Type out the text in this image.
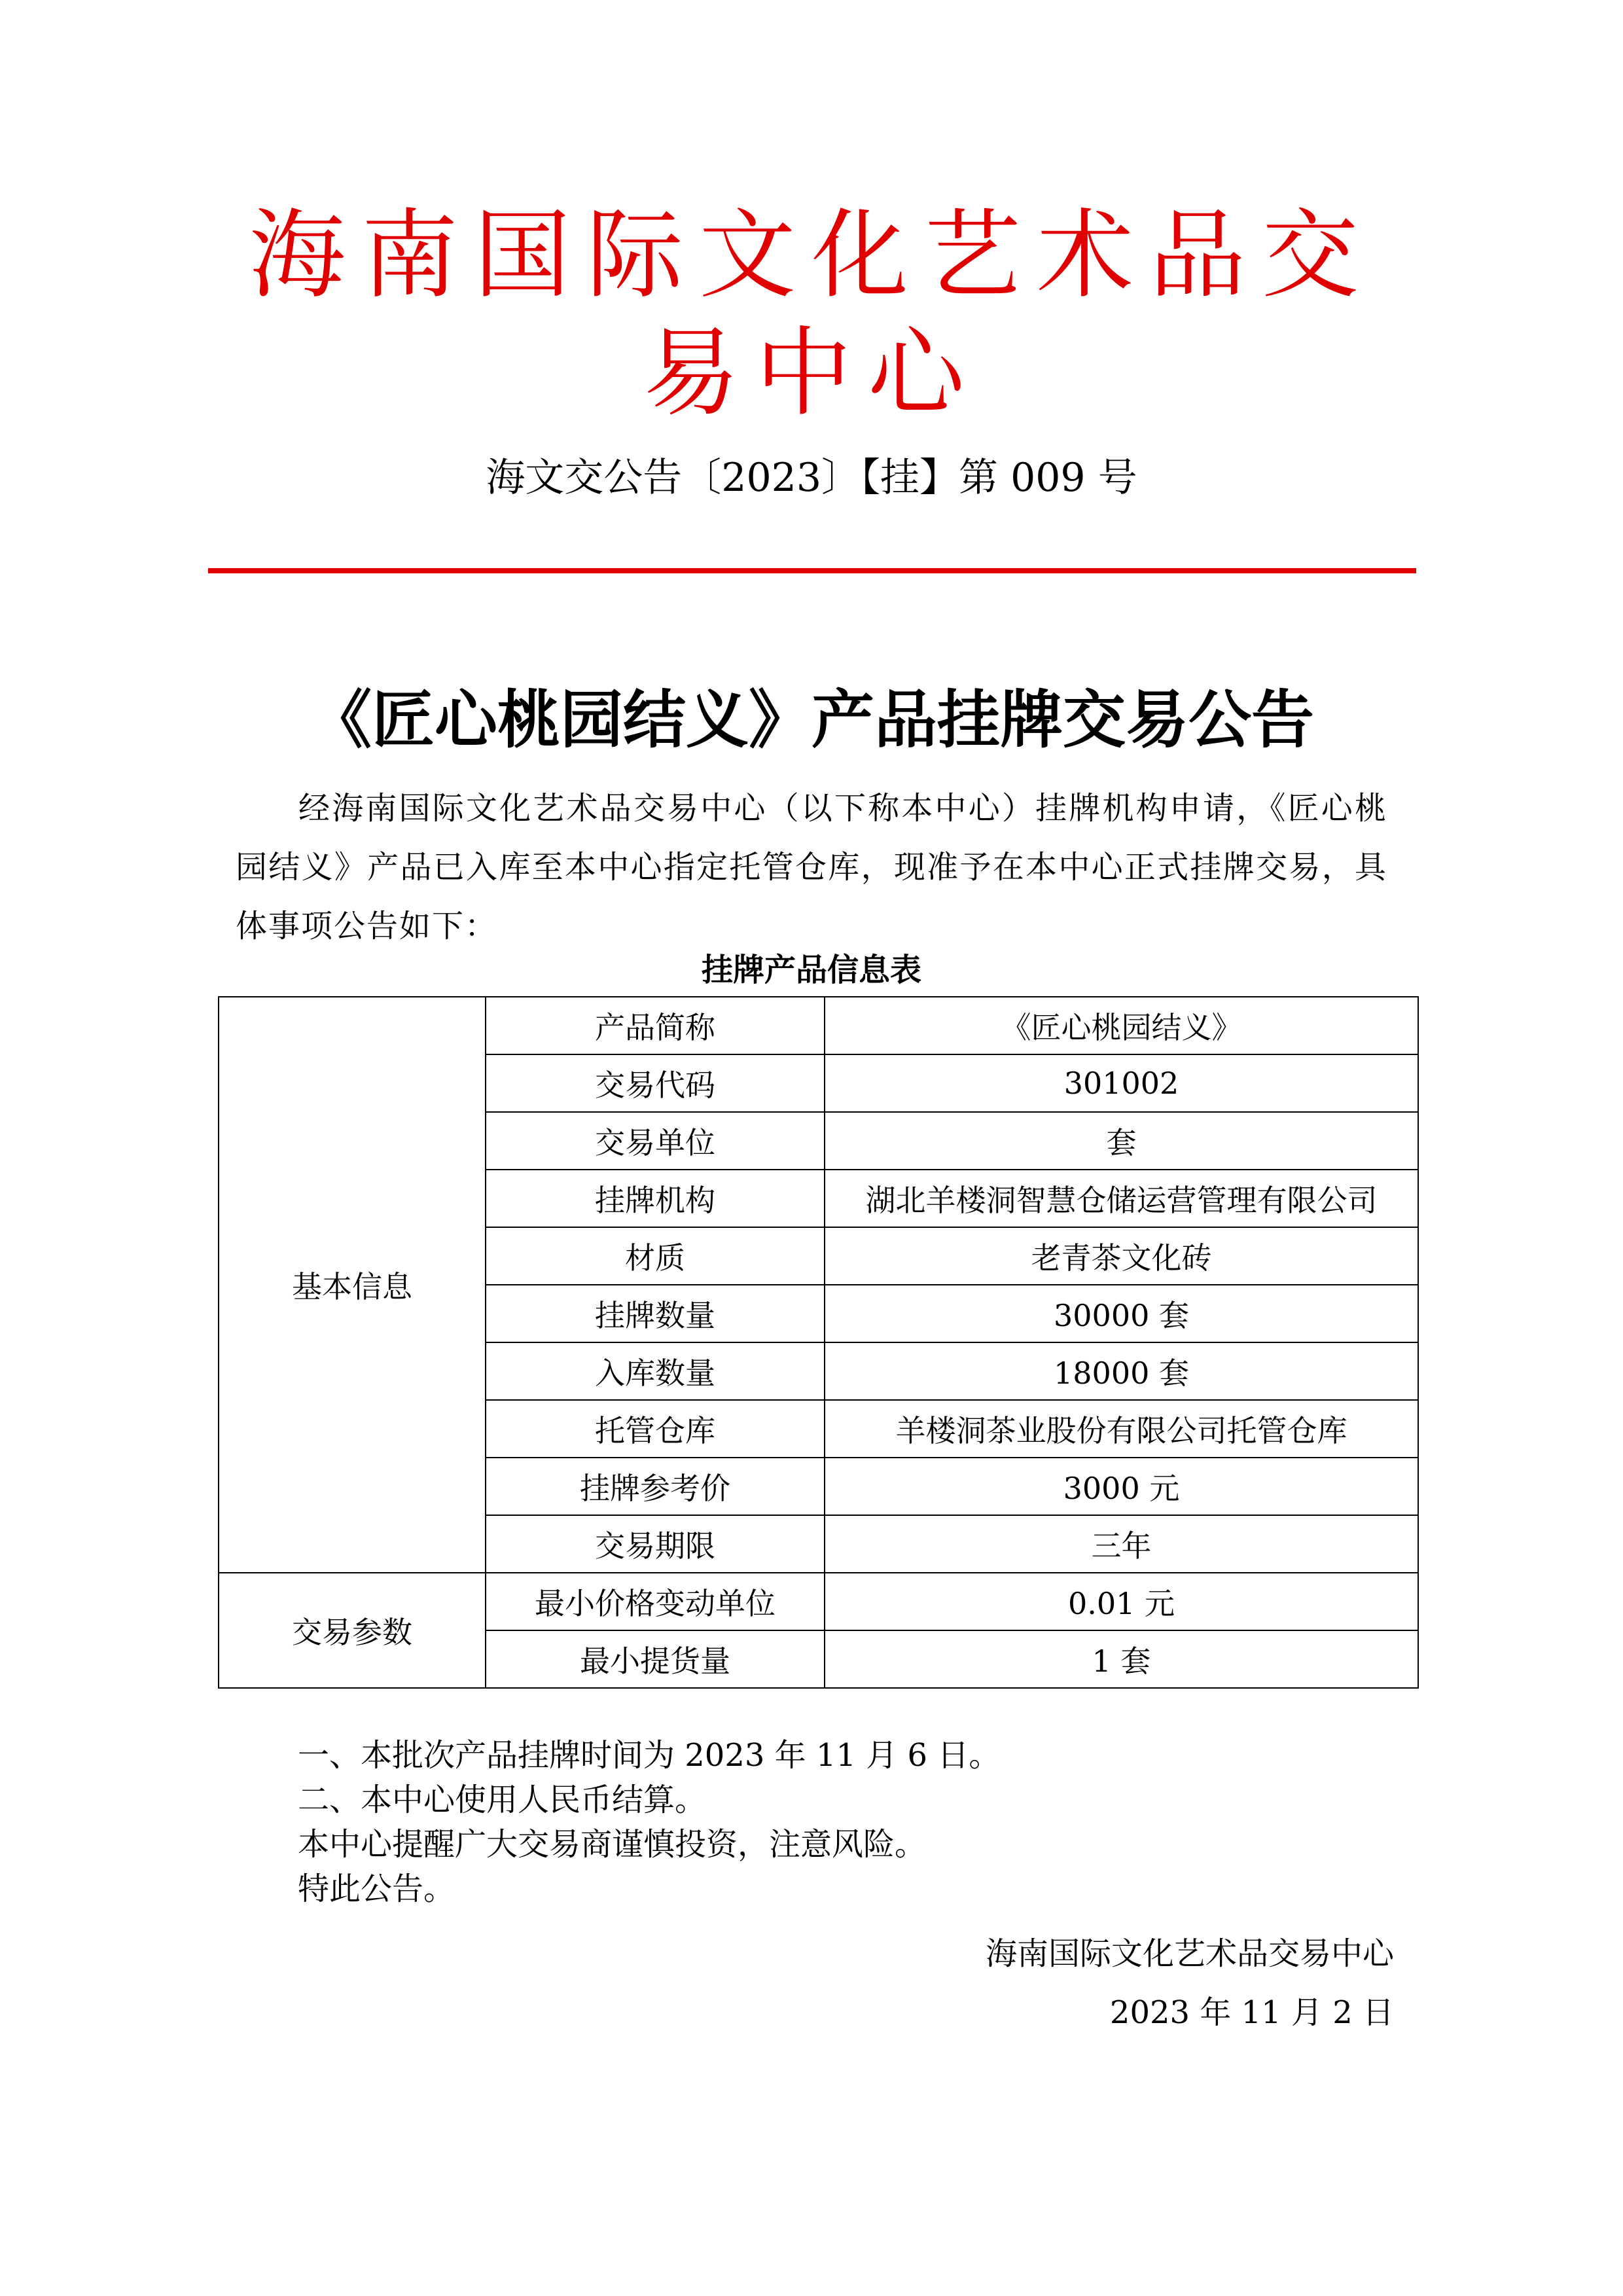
海南国际文化艺术品交易中心
海文交公告〔2023〕【挂】第 009 号
《匠心桃园结义》产品挂牌交易公告
经海南国际文化艺术品交易中心（以下称本中心）挂牌机构申请，《匠心桃园结义》产品已入库至本中心指定托管仓库，现准予在本中心正式挂牌交易，具体事项公告如下：
挂牌产品信息表
基本信息	产品简称	《匠心桃园结义》
	交易代码	301002
	交易单位	套
	挂牌机构	湖北羊楼洞智慧仓储运营管理有限公司
	材质	老青茶文化砖
	挂牌数量	30000 套
	入库数量	18000 套
	托管仓库	羊楼洞茶业股份有限公司托管仓库
	挂牌参考价	3000 元
	交易期限	三年
交易参数	最小价格变动单位	0.01 元
	最小提货量	1 套
一、本批次产品挂牌时间为 2023 年 11 月 6 日。
二、本中心使用人民币结算。
本中心提醒广大交易商谨慎投资，注意风险。
特此公告。
海南国际文化艺术品交易中心
2023 年 11 月 2 日
